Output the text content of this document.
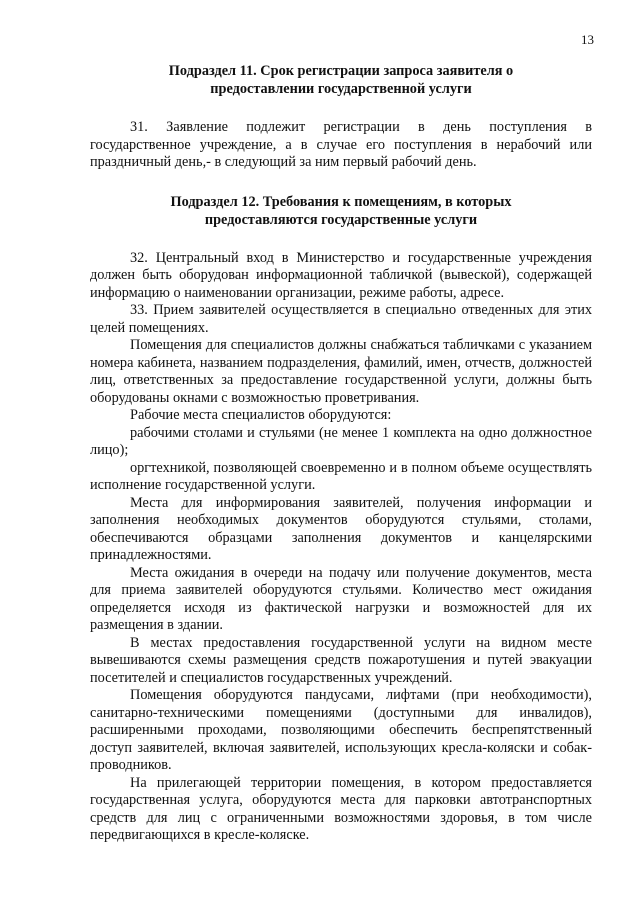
13
Подраздел 11. Срок регистрации запроса заявителя о
предоставлении государственной услуги

31. Заявление подлежит регистрации в день поступления в государственное учреждение, а в случае его поступления в нерабочий или праздничный день,- в следующий за ним первый рабочий день.

Подраздел 12. Требования к помещениям, в которых
предоставляются государственные услуги

32. Центральный вход в Министерство и государственные учреждения должен быть оборудован информационной табличкой (вывеской), содержащей информацию о наименовании организации, режиме работы, адресе.

33. Прием заявителей осуществляется в специально отведенных для этих целей помещениях.

Помещения для специалистов должны снабжаться табличками с указанием номера кабинета, названием подразделения, фамилий, имен, отчеств, должностей лиц, ответственных за предоставление государственной услуги, должны быть оборудованы окнами с возможностью проветривания.

Рабочие места специалистов оборудуются:

рабочими столами и стульями (не менее 1 комплекта на одно должностное лицо);

оргтехникой, позволяющей своевременно и в полном объеме осуществлять исполнение государственной услуги.

Места для информирования заявителей, получения информации и заполнения необходимых документов оборудуются стульями, столами, обеспечиваются образцами заполнения документов и канцелярскими принадлежностями.

Места ожидания в очереди на подачу или получение документов, места для приема заявителей оборудуются стульями. Количество мест ожидания определяется исходя из фактической нагрузки и возможностей для их размещения в здании.

В местах предоставления государственной услуги на видном месте вывешиваются схемы размещения средств пожаротушения и путей эвакуации посетителей и специалистов государственных учреждений.

Помещения оборудуются пандусами, лифтами (при необходимости), санитарно-техническими помещениями (доступными для инвалидов), расширенными проходами, позволяющими обеспечить беспрепятственный доступ заявителей, включая заявителей, использующих кресла-коляски и собак-проводников.

На прилегающей территории помещения, в котором предоставляется государственная услуга, оборудуются места для парковки автотранспортных средств для лиц с ограниченными возможностями здоровья, в том числе передвигающихся в кресле-коляске.
